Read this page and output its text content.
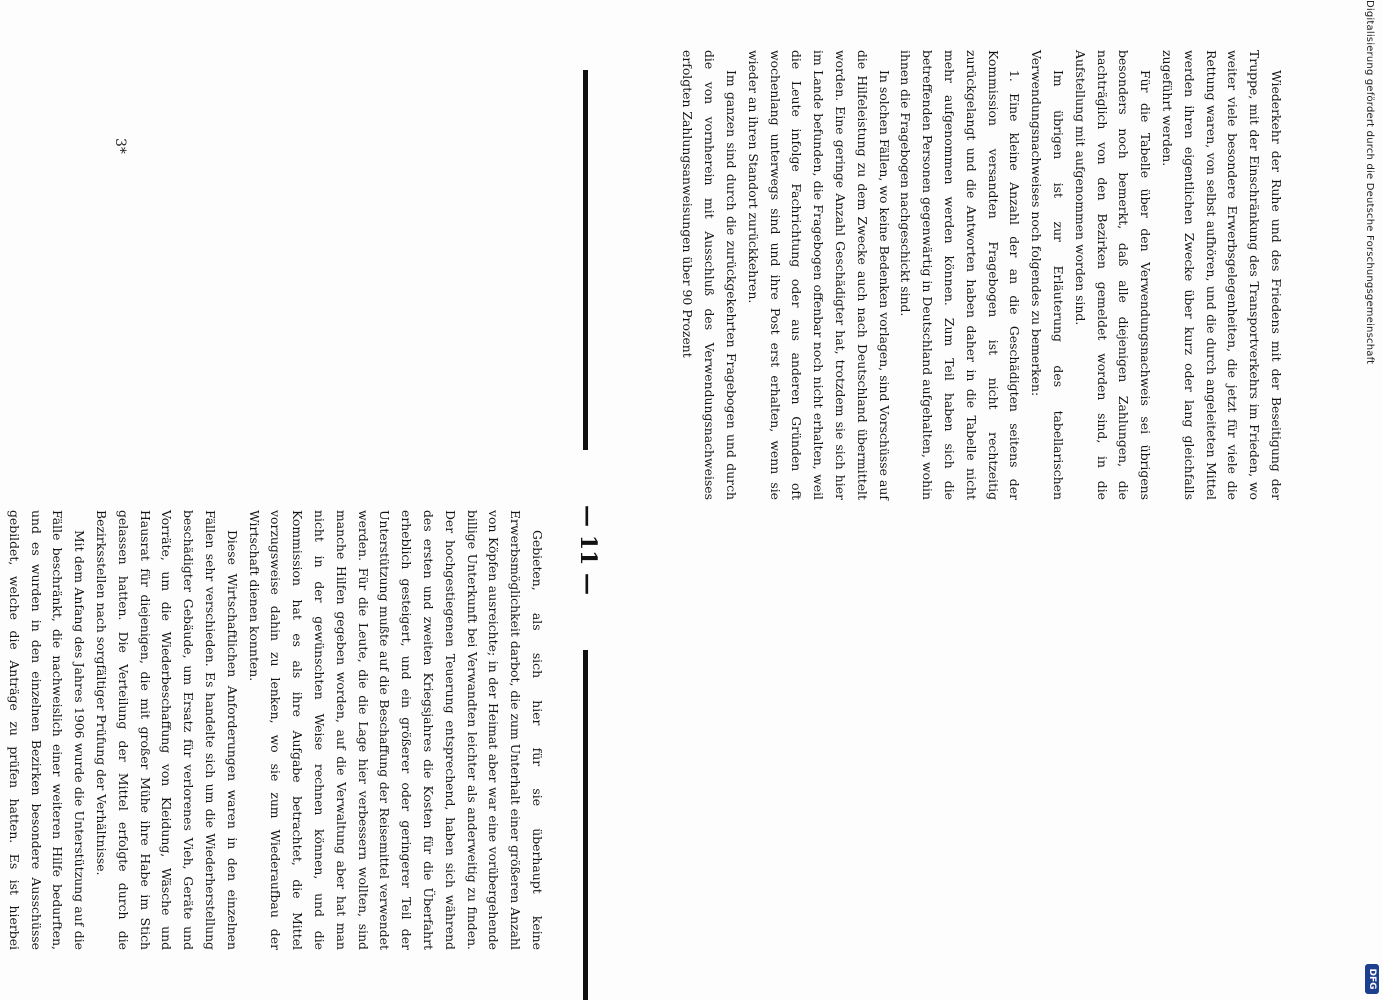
Digitalisierung gefördert durch die Deutsche Forschungsgemeinschaft
DFG

Wiederkehr der Ruhe und des Friedens mit der Beseitigung der Truppe, mit der Einschränkung des Transportverkehrs im Frieden, wo weiter viele besondere Erwerbsgelegenheiten, die jetzt für viele die Rettung waren, von selbst aufhören, und die durch angeleiteten Mittel werden ihren eigentlichen Zwecke über kurz oder lang gleichfalls zugeführt werden.

Für die Tabelle über den Verwendungsnachweis sei übrigens besonders noch bemerkt, daß alle diejenigen Zahlungen, die nachträglich von den Bezirken gemeldet worden sind, in die Aufstellung mit aufgenommen worden sind.

Im übrigen ist zur Erläuterung des tabellarischen Verwendungsnachweises noch folgendes zu bemerken:

1. Eine kleine Anzahl der an die Geschädigten seitens der Kommission versandten Fragebogen ist nicht rechtzeitig zurückgelangt und die Antworten haben daher in die Tabelle nicht mehr aufgenommen werden können. Zum Teil haben sich die betreffenden Personen gegenwärtig in Deutschland aufgehalten, wohin ihnen die Fragebogen nachgeschickt sind.

In solchen Fällen, wo keine Bedenken vorlagen, sind Vorschüsse auf die Hilfeleistung zu dem Zwecke auch nach Deutschland übermittelt worden. Eine geringe Anzahl Geschädigter hat, trotzdem sie sich hier im Lande befunden, die Fragebogen offenbar noch nicht erhalten, weil die Leute infolge Fachrichtung oder aus anderen Gründen oft wochenlang unterwegs sind und ihre Post erst erhalten, wenn sie wieder an ihren Standort zurückkehren.

Im ganzen sind durch die zurückgekehrten Fragebogen und durch die von vornherein mit Ausschluß des Verwendungsnachweises erfolgten Zahlungsanweisungen über 90 Prozent

3*
— 11 —

Gebieten, als sich hier für sie überhaupt keine Erwerbsmöglichkeit darbot, die zum Unterhalt einer größeren Anzahl von Köpfen ausreichte; in der Heimat aber war eine vorübergehende billige Unterkunft bei Verwandten leichter als anderweitig zu finden. Der hochgestiegenen Teuerung entsprechend, haben sich während des ersten und zweiten Kriegsjahres die Kosten für die Überfahrt erheblich gesteigert, und ein größerer oder geringerer Teil der Unterstützung mußte auf die Beschaffung der Reisemittel verwendet werden. Für die Leute, die die Lage hier verbessern wollten, sind manche Hilfen gegeben worden, auf die Verwaltung aber hat man nicht in der gewünschten Weise rechnen können, und die Kommission hat es als ihre Aufgabe betrachtet, die Mittel vorzugsweise dahin zu lenken, wo sie zum Wiederaufbau der Wirtschaft dienen konnten.

Diese Wirtschaftlichen Anforderungen waren in den einzelnen Fällen sehr verschieden. Es handelte sich um die Wiederherstellung beschädigter Gebäude, um Ersatz für verlorenes Vieh, Geräte und Vorräte, um die Wiederbeschaffung von Kleidung, Wäsche und Hausrat für diejenigen, die mit großer Mühe ihre Habe im Stich gelassen hatten. Die Verteilung der Mittel erfolgte durch die Bezirksstellen nach sorgfältiger Prüfung der Verhältnisse.

Mit dem Anfang des Jahres 1906 wurde die Unterstützung auf die Fälle beschränkt, die nachweislich einer weiteren Hilfe bedurften, und es wurden in den einzelnen Bezirken besondere Ausschüsse gebildet, welche die Anträge zu prüfen hatten. Es ist hierbei
